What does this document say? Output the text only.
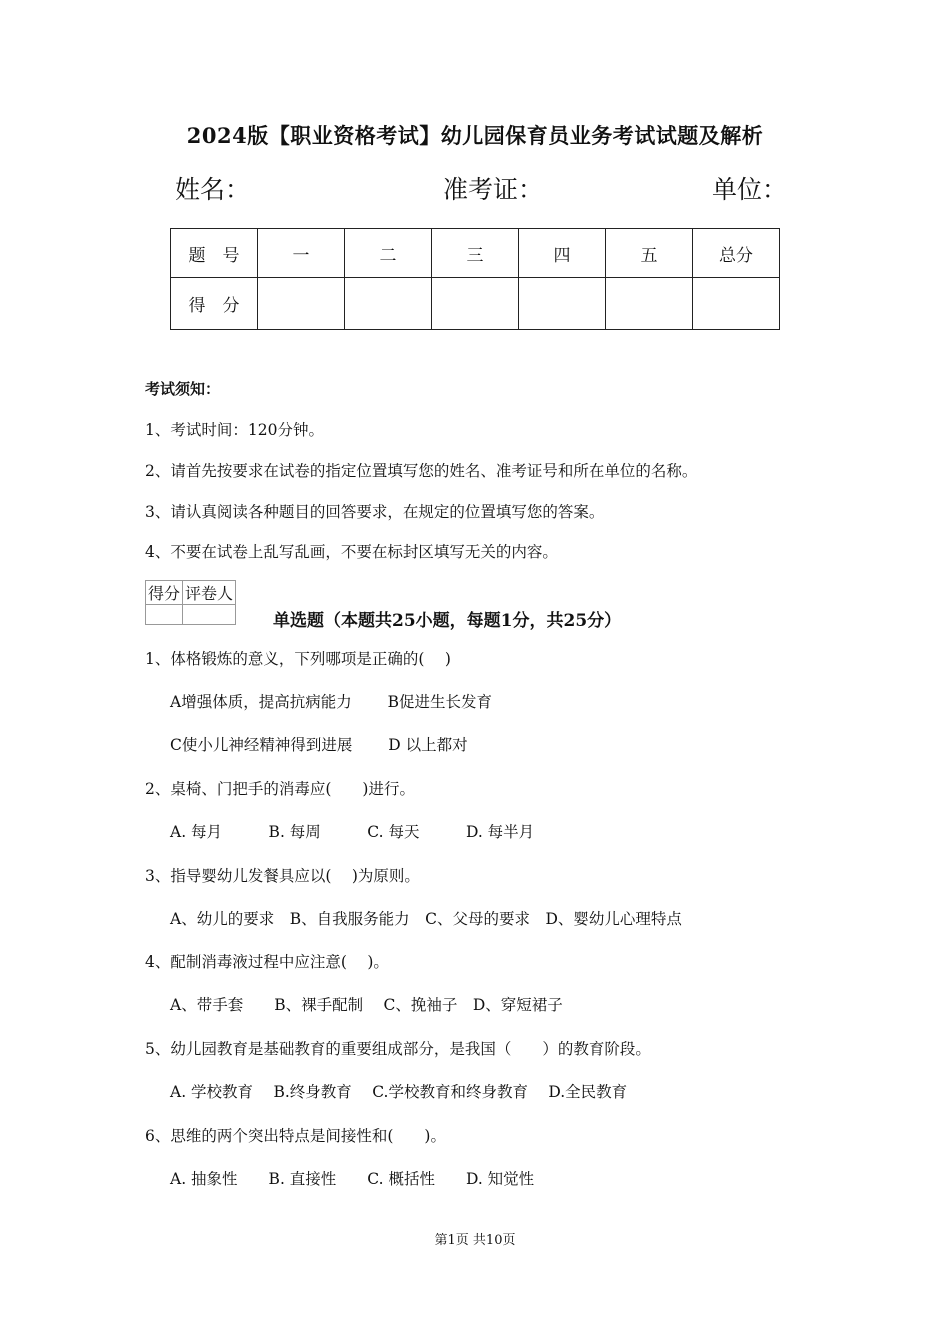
2024版【职业资格考试】幼儿园保育员业务考试试题及解析
姓名：	准考证：	单位：
题　号	一	二	三	四	五	总分
得　分						
考试须知：
1、考试时间：120分钟。
2、请首先按要求在试卷的指定位置填写您的姓名、准考证号和所在单位的名称。
3、请认真阅读各种题目的回答要求，在规定的位置填写您的答案。
4、不要在试卷上乱写乱画，不要在标封区填写无关的内容。
得分	评卷人

单选题（本题共25小题，每题1分，共25分）
1、体格锻炼的意义，下列哪项是正确的(　 )
A增强体质，提高抗病能力　　 B促进生长发育
C使小儿神经精神得到进展　　 D 以上都对
2、桌椅、门把手的消毒应(　　)进行。
A. 每月　　　B. 每周　　　C. 每天　　　D. 每半月
3、指导婴幼儿发餐具应以(　 )为原则。
A、幼儿的要求　B、自我服务能力　C、父母的要求　D、婴幼儿心理特点
4、配制消毒液过程中应注意(　 )。
A、带手套　　B、裸手配制　 C、挽袖子　D、穿短裙子
5、幼儿园教育是基础教育的重要组成部分，是我国（　　）的教育阶段。
A. 学校教育　 B.终身教育　 C.学校教育和终身教育　 D.全民教育
6、思维的两个突出特点是间接性和(　　)。
A. 抽象性　　B. 直接性　　C. 概括性　　D. 知觉性
第1页 共10页
